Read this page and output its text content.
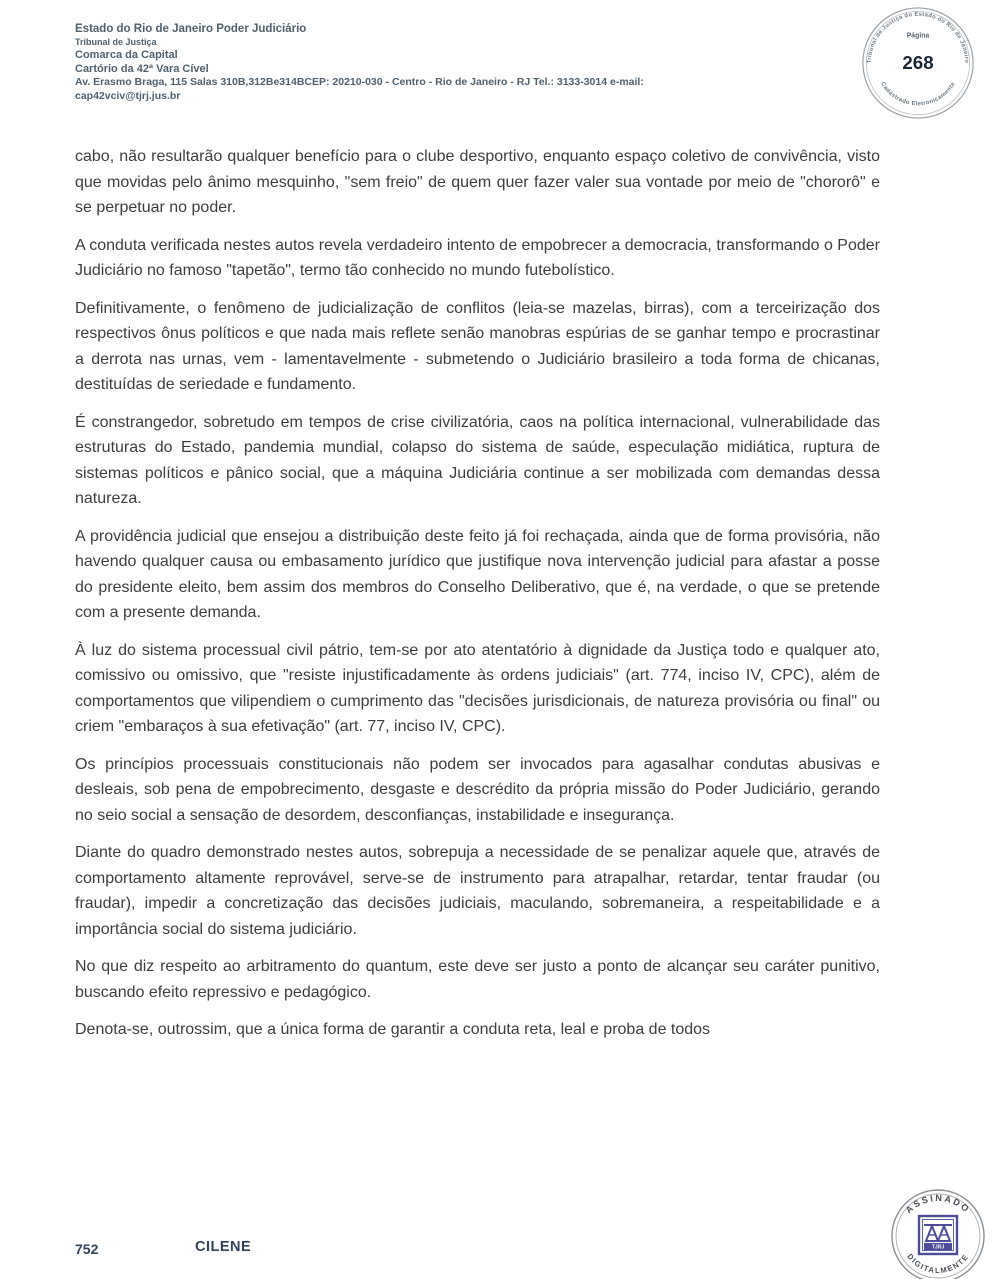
Estado do Rio de Janeiro Poder Judiciário
Tribunal de Justiça
Comarca da Capital
Cartório da 42ª Vara Cível
Av. Erasmo Braga, 115 Salas 310B,312Be314BCEP: 20210-030 - Centro - Rio de Janeiro - RJ Tel.: 3133-3014 e-mail:
cap42vciv@tjrj.jus.br
Tribunal de Justiça do Estado do Rio de Janeiro
Página
268
Cadastrado Eletronicamente

cabo, não resultarão qualquer benefício para o clube desportivo, enquanto espaço coletivo de convivência, visto que movidas pelo ânimo mesquinho, "sem freio" de quem quer fazer valer sua vontade por meio de "chororô" e se perpetuar no poder.

A conduta verificada nestes autos revela verdadeiro intento de empobrecer a democracia, transformando o Poder Judiciário no famoso "tapetão", termo tão conhecido no mundo futebolístico.

Definitivamente, o fenômeno de judicialização de conflitos (leia-se mazelas, birras), com a terceirização dos respectivos ônus políticos e que nada mais reflete senão manobras espúrias de se ganhar tempo e procrastinar a derrota nas urnas, vem - lamentavelmente - submetendo o Judiciário brasileiro a toda forma de chicanas, destituídas de seriedade e fundamento.

É constrangedor, sobretudo em tempos de crise civilizatória, caos na política internacional, vulnerabilidade das estruturas do Estado, pandemia mundial, colapso do sistema de saúde, especulação midiática, ruptura de sistemas políticos e pânico social, que a máquina Judiciária continue a ser mobilizada com demandas dessa natureza.

A providência judicial que ensejou a distribuição deste feito já foi rechaçada, ainda que de forma provisória, não havendo qualquer causa ou embasamento jurídico que justifique nova intervenção judicial para afastar a posse do presidente eleito, bem assim dos membros do Conselho Deliberativo, que é, na verdade, o que se pretende com a presente demanda.

À luz do sistema processual civil pátrio, tem-se por ato atentatório à dignidade da Justiça todo e qualquer ato, comissivo ou omissivo, que "resiste injustificadamente às ordens judiciais" (art. 774, inciso IV, CPC), além de comportamentos que vilipendiem o cumprimento das "decisões jurisdicionais, de natureza provisória ou final" ou criem "embaraços à sua efetivação" (art. 77, inciso IV, CPC).

Os princípios processuais constitucionais não podem ser invocados para agasalhar condutas abusivas e desleais, sob pena de empobrecimento, desgaste e descrédito da própria missão do Poder Judiciário, gerando no seio social a sensação de desordem, desconfianças, instabilidade e insegurança.

Diante do quadro demonstrado nestes autos, sobrepuja a necessidade de se penalizar aquele que, através de comportamento altamente reprovável, serve-se de instrumento para atrapalhar, retardar, tentar fraudar (ou fraudar), impedir a concretização das decisões judiciais, maculando, sobremaneira, a respeitabilidade e a importância social do sistema judiciário.

No que diz respeito ao arbitramento do quantum, este deve ser justo a ponto de alcançar seu caráter punitivo, buscando efeito repressivo e pedagógico.

Denota-se, outrossim, que a única forma de garantir a conduta reta, leal e proba de todos

752	CILENE
ASSINADO
DIGITALMENTE
TJRJ
